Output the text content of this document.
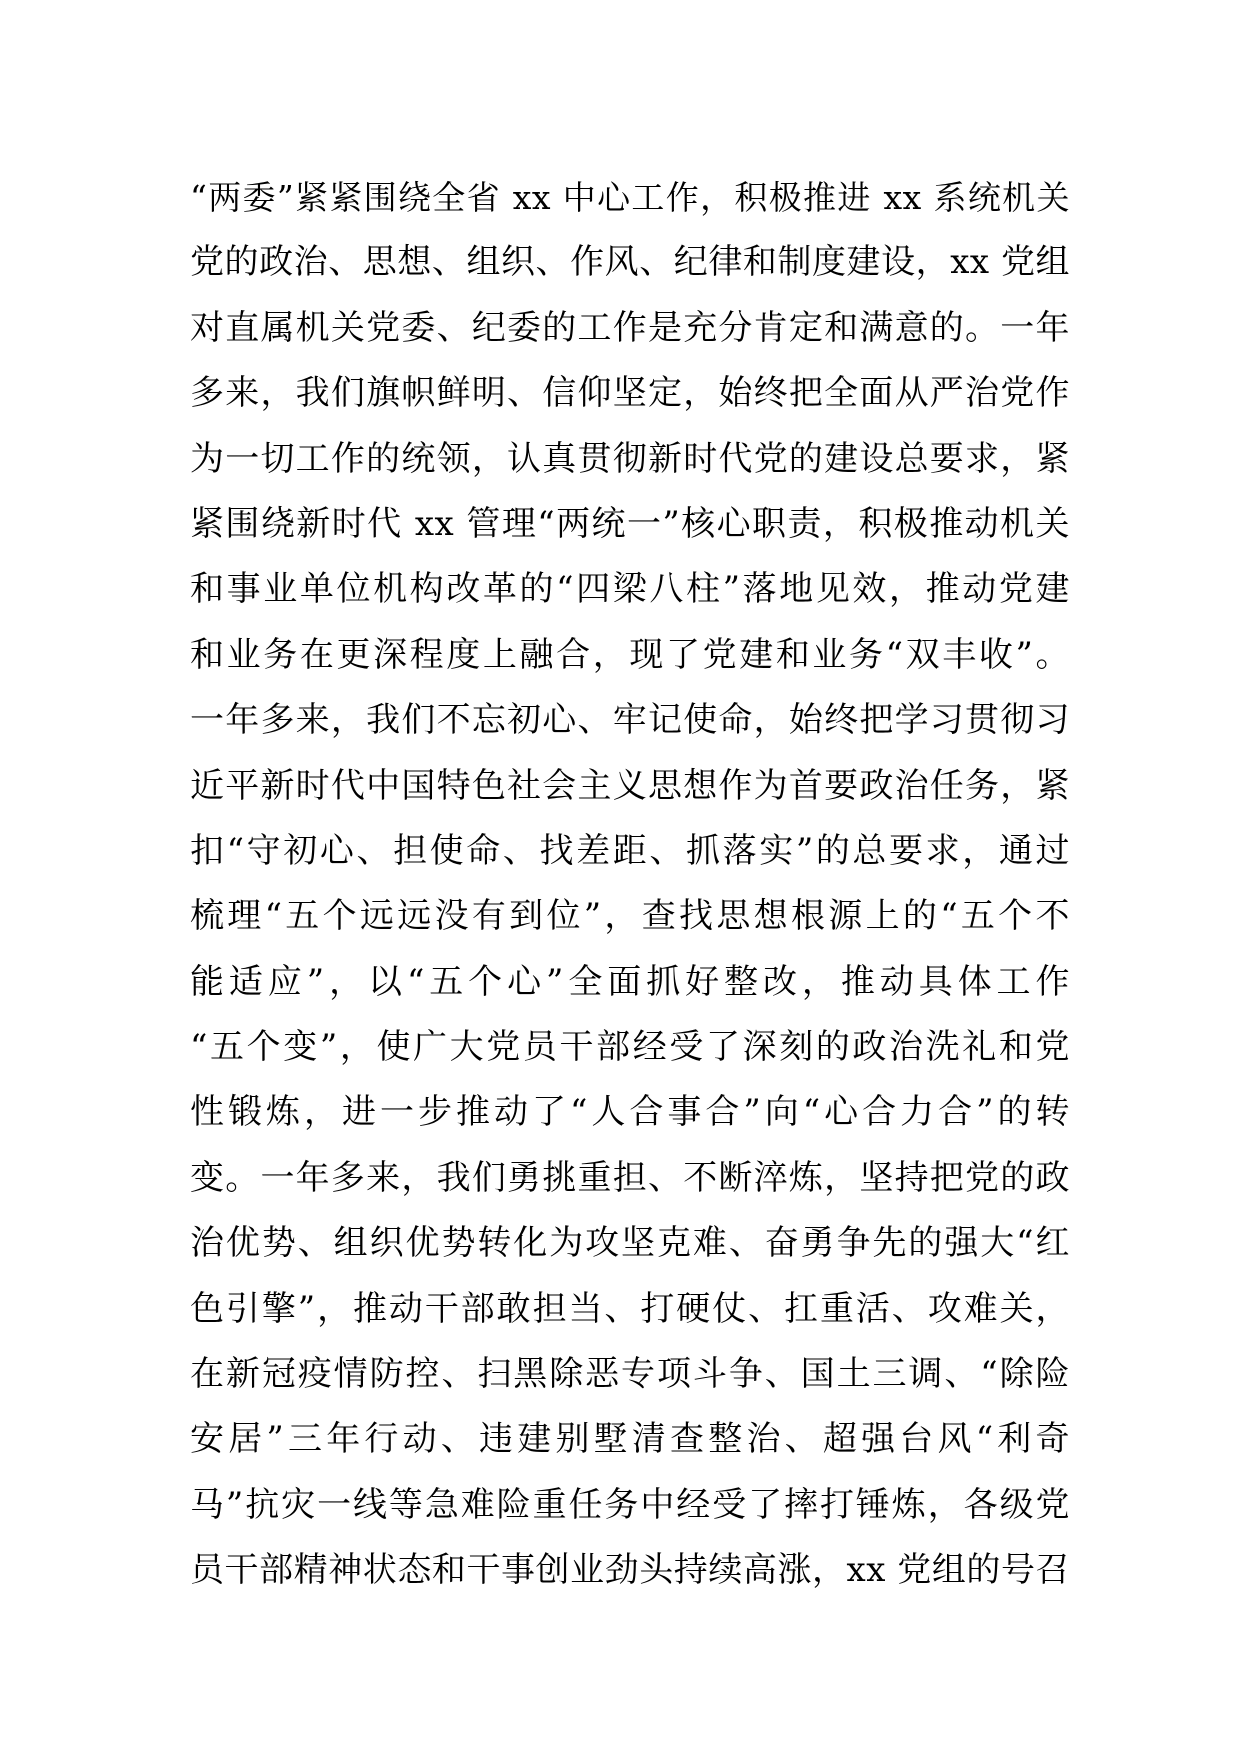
“两委”紧紧围绕全省 xx 中心工作，积极推进 xx 系统机关
党的政治、思想、组织、作风、纪律和制度建设，xx 党组
对直属机关党委、纪委的工作是充分肯定和满意的。一年
多来，我们旗帜鲜明、信仰坚定，始终把全面从严治党作
为一切工作的统领，认真贯彻新时代党的建设总要求，紧
紧围绕新时代 xx 管理“两统一”核心职责，积极推动机关
和事业单位机构改革的“四梁八柱”落地见效，推动党建
和业务在更深程度上融合，现了党建和业务“双丰收”。
一年多来，我们不忘初心、牢记使命，始终把学习贯彻习
近平新时代中国特色社会主义思想作为首要政治任务，紧
扣“守初心、担使命、找差距、抓落实”的总要求，通过
梳理“五个远远没有到位”，查找思想根源上的“五个不
能适应”，以“五个心”全面抓好整改，推动具体工作
“五个变”，使广大党员干部经受了深刻的政治洗礼和党
性锻炼，进一步推动了“人合事合”向“心合力合”的转
变。一年多来，我们勇挑重担、不断淬炼，坚持把党的政
治优势、组织优势转化为攻坚克难、奋勇争先的强大“红
色引擎”，推动干部敢担当、打硬仗、扛重活、攻难关，
在新冠疫情防控、扫黑除恶专项斗争、国土三调、“除险
安居”三年行动、违建别墅清查整治、超强台风“利奇
马”抗灾一线等急难险重任务中经受了摔打锤炼，各级党
员干部精神状态和干事创业劲头持续高涨，xx 党组的号召
